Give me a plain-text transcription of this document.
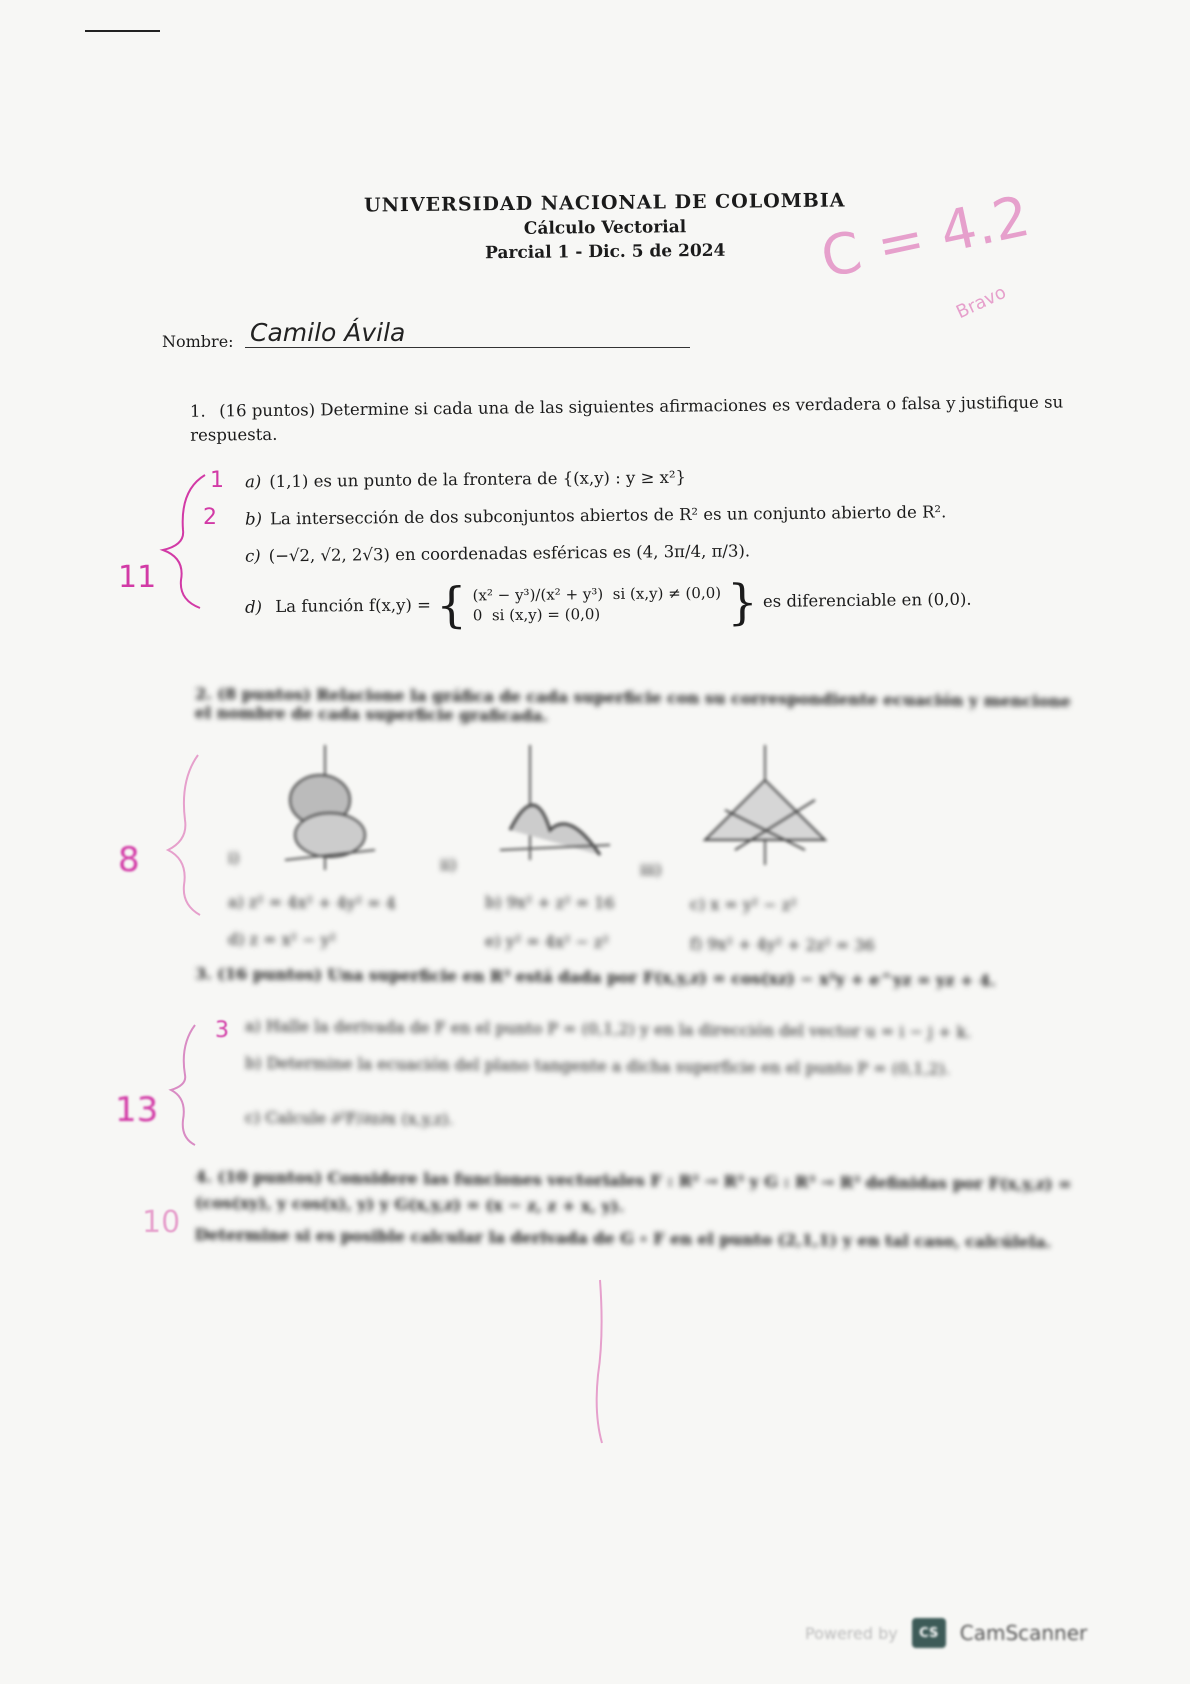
UNIVERSIDAD NACIONAL DE COLOMBIA
Cálculo Vectorial
Parcial 1 - Dic. 5 de 2024
Nombre: Camilo Ávila
C = 4.2
Bravo
1. (16 puntos) Determine si cada una de las siguientes afirmaciones es verdadera o falsa y justifique su respuesta.
a) (1,1) es un punto de la frontera de {(x,y) : y ≥ x²}
b) La intersección de dos subconjuntos abiertos de R² es un conjunto abierto de R².
c) (−√2, √2, 2√3) en coordenadas esféricas es (4, 3π/4, π/3).
d) La función f(x,y) = { (x² − y³)/(x² + y³) si (x,y) ≠ (0,0)
0 si (x,y) = (0,0)	} es diferenciable en (0,0).
1
2
11
2. (8 puntos) Relacione la gráfica de cada superficie con su correspondiente ecuación y mencione el nombre de cada superficie graficada.
i)	ii)	iii)
a) z² = 4x² + 4y² = 4	b) 9x² + z² = 16	c) x = y² − z²
d) z = x² − y²	e) y² = 4x² − z²	f) 9x² + 4y² + 2z² = 36
8
3. (16 puntos) Una superficie en R³ está dada por F(x,y,z) = cos(xz) − x²y + e^yz = yz + 4.
a) Halle la derivada de F en el punto P = (0,1,2) y en la dirección del vector u = i − j + k.
b) Determine la ecuación del plano tangente a dicha superficie en el punto P = (0,1,2).
c) Calcule ∂²F/∂z∂x (x,y,z).
3
13
4. (10 puntos) Considere las funciones vectoriales F : R² → R³ y G : R³ → R³ definidas por F(x,y,z) = (cos(xy), y cos(x), y) y G(x,y,z) = (x − z, z + x, y).
Determine si es posible calcular la derivada de G ∘ F en el punto (2,1,1) y en tal caso, calcúlela.
10
Powered by	CS	CamScanner
